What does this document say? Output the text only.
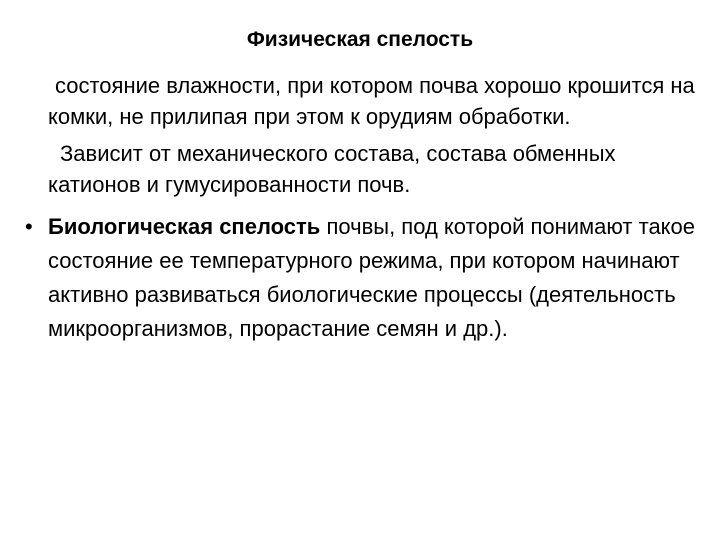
Физическая спелость

состояние влажности, при котором почва хорошо крошится на комки, не прилипая при этом к орудиям обработки.

Зависит от механического состава, состава обменных катионов и гумусированности почв.

• Биологическая спелость почвы, под которой понимают такое состояние ее температурного режима, при котором начинают активно развиваться биологические процессы (деятельность микроорганизмов, прорастание семян и др.).
